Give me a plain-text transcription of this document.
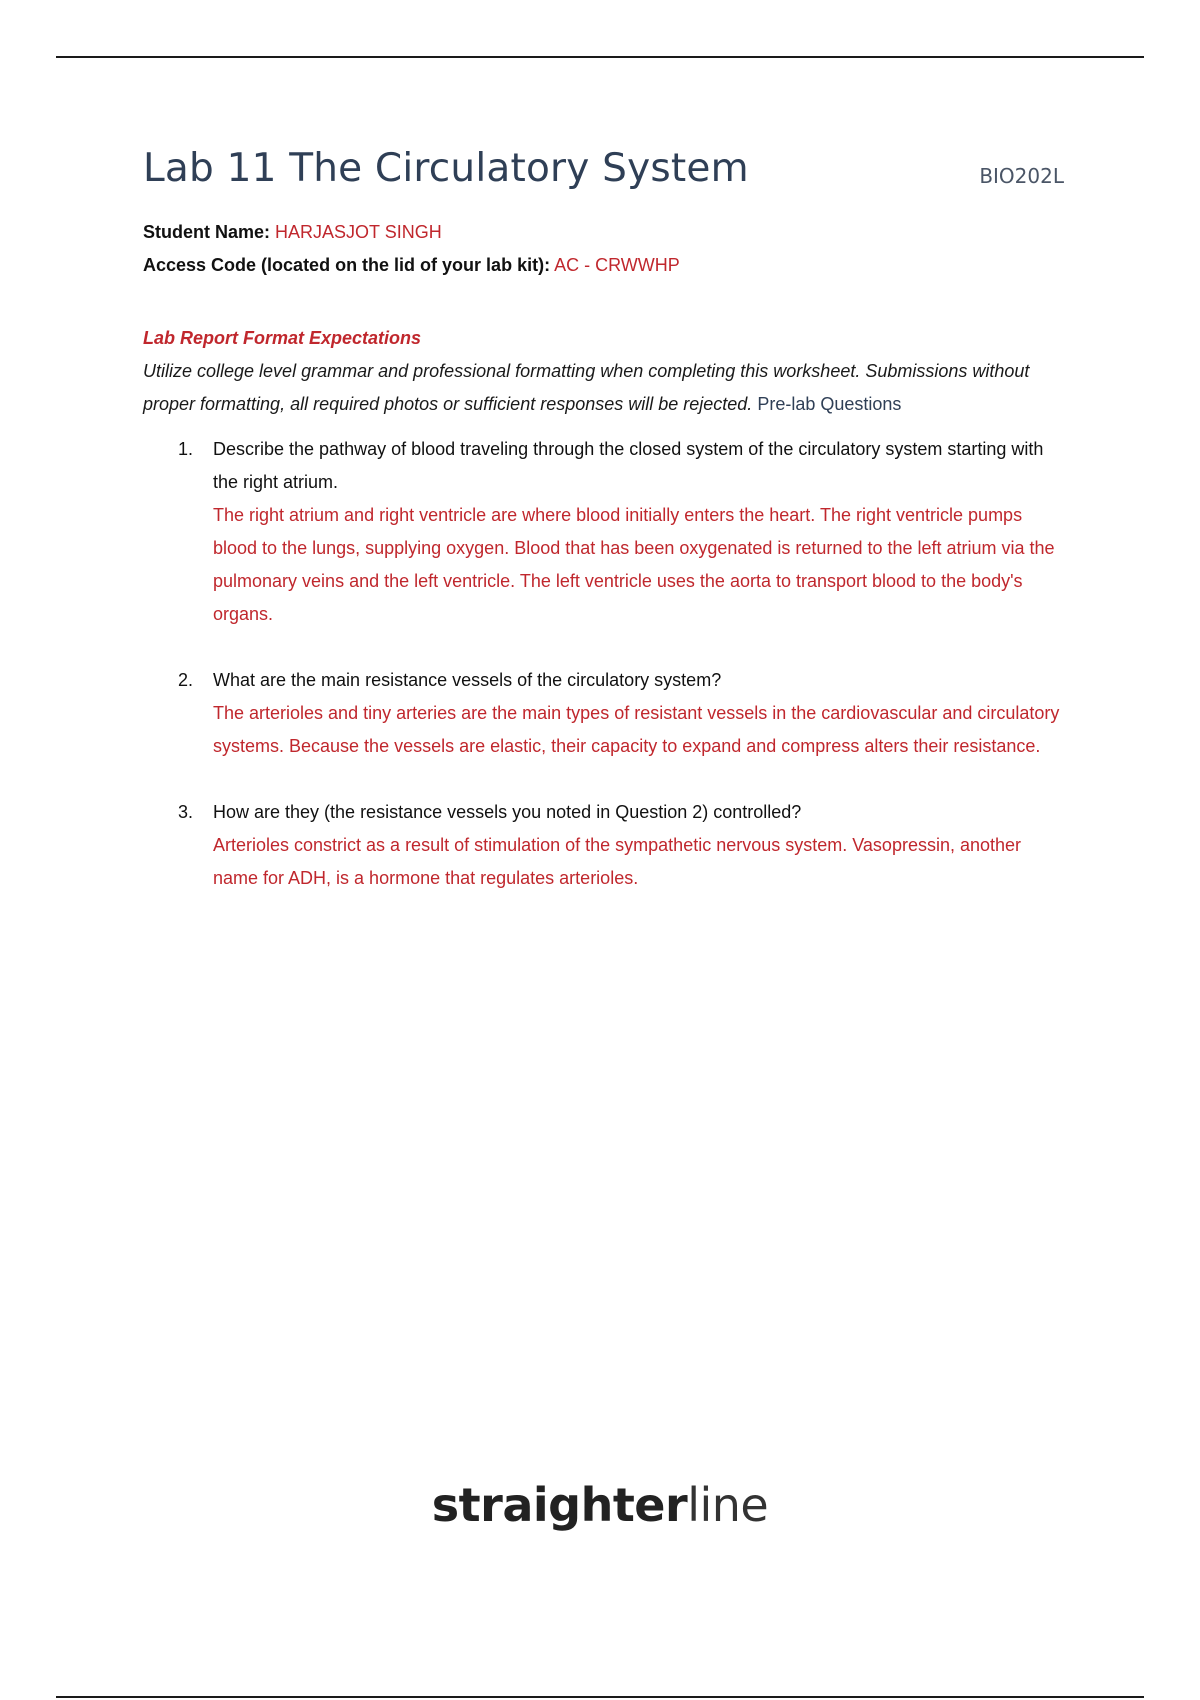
Lab 11 The Circulatory System	BIO202L
Student Name: HARJASJOT SINGH
Access Code (located on the lid of your lab kit): AC - CRWWHP
Lab Report Format Expectations
Utilize college level grammar and professional formatting when completing this worksheet. Submissions without proper formatting, all required photos or sufficient responses will be rejected. Pre-lab Questions
1. Describe the pathway of blood traveling through the closed system of the circulatory system starting with the right atrium.
The right atrium and right ventricle are where blood initially enters the heart. The right ventricle pumps blood to the lungs, supplying oxygen. Blood that has been oxygenated is returned to the left atrium via the pulmonary veins and the left ventricle. The left ventricle uses the aorta to transport blood to the body's organs.
2. What are the main resistance vessels of the circulatory system?
The arterioles and tiny arteries are the main types of resistant vessels in the cardiovascular and circulatory systems. Because the vessels are elastic, their capacity to expand and compress alters their resistance.
3. How are they (the resistance vessels you noted in Question 2) controlled?
Arterioles constrict as a result of stimulation of the sympathetic nervous system. Vasopressin, another name for ADH, is a hormone that regulates arterioles.
straighterline
